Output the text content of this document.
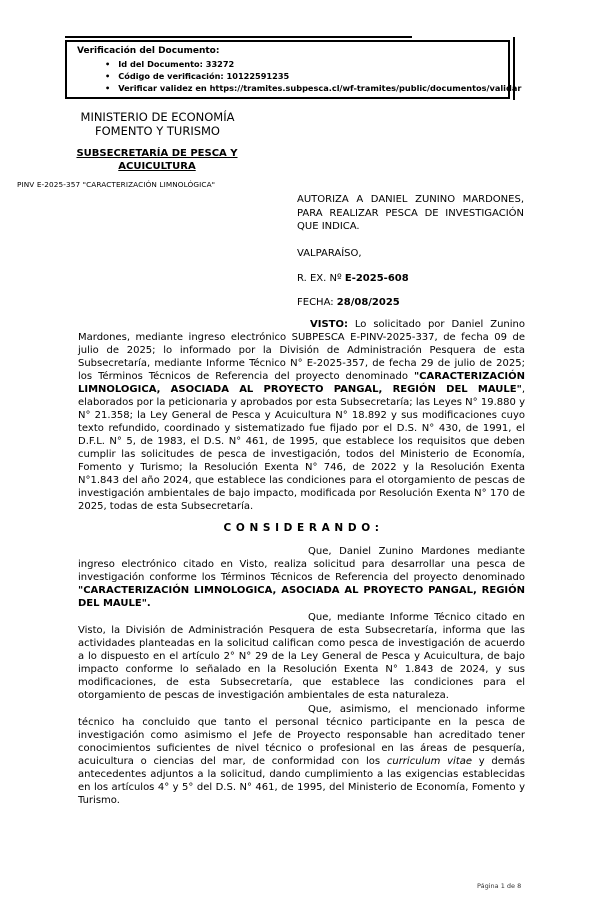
Verificación del Documento:
• Id del Documento: 33272
• Código de verificación: 10122591235
• Verificar validez en https://tramites.subpesca.cl/wf-tramites/public/documentos/validar
MINISTERIO DE ECONOMÍA
FOMENTO Y TURISMO
SUBSECRETARÍA DE PESCA Y ACUICULTURA
PINV E-2025-357 "CARACTERIZACIÓN LIMNOLÓGICA"
AUTORIZA A DANIEL ZUNINO MARDONES, PARA REALIZAR PESCA DE INVESTIGACIÓN QUE INDICA.
VALPARAÍSO,
R. EX. Nº E-2025-608
FECHA: 28/08/2025

VISTO: Lo solicitado por Daniel Zunino Mardones, mediante ingreso electrónico SUBPESCA E-PINV-2025-337, de fecha 09 de julio de 2025; lo informado por la División de Administración Pesquera de esta Subsecretaría, mediante Informe Técnico N° E-2025-357, de fecha 29 de julio de 2025; los Términos Técnicos de Referencia del proyecto denominado "CARACTERIZACIÓN LIMNOLOGICA, ASOCIADA AL PROYECTO PANGAL, REGIÓN DEL MAULE", elaborados por la peticionaria y aprobados por esta Subsecretaría; las Leyes N° 19.880 y N° 21.358; la Ley General de Pesca y Acuicultura N° 18.892 y sus modificaciones cuyo texto refundido, coordinado y sistematizado fue fijado por el D.S. N° 430, de 1991, el D.F.L. N° 5, de 1983, el D.S. N° 461, de 1995, que establece los requisitos que deben cumplir las solicitudes de pesca de investigación, todos del Ministerio de Economía, Fomento y Turismo; la Resolución Exenta N° 746, de 2022 y la Resolución Exenta N°1.843 del año 2024, que establece las condiciones para el otorgamiento de pescas de investigación ambientales de bajo impacto, modificada por Resolución Exenta N° 170 de 2025, todas de esta Subsecretaría.

C O N S I D E R A N D O :

Que, Daniel Zunino Mardones mediante ingreso electrónico citado en Visto, realiza solicitud para desarrollar una pesca de investigación conforme los Términos Técnicos de Referencia del proyecto denominado "CARACTERIZACIÓN LIMNOLOGICA, ASOCIADA AL PROYECTO PANGAL, REGIÓN DEL MAULE".

Que, mediante Informe Técnico citado en Visto, la División de Administración Pesquera de esta Subsecretaría, informa que las actividades planteadas en la solicitud califican como pesca de investigación de acuerdo a lo dispuesto en el artículo 2° N° 29 de la Ley General de Pesca y Acuicultura, de bajo impacto conforme lo señalado en la Resolución Exenta N° 1.843 de 2024, y sus modificaciones, de esta Subsecretaría, que establece las condiciones para el otorgamiento de pescas de investigación ambientales de esta naturaleza.

Que, asimismo, el mencionado informe técnico ha concluido que tanto el personal técnico participante en la pesca de investigación como asimismo el Jefe de Proyecto responsable han acreditado tener conocimientos suficientes de nivel técnico o profesional en las áreas de pesquería, acuicultura o ciencias del mar, de conformidad con los curriculum vitae y demás antecedentes adjuntos a la solicitud, dando cumplimiento a las exigencias establecidas en los artículos 4° y 5° del D.S. N° 461, de 1995, del Ministerio de Economía, Fomento y Turismo.

Página 1 de 8
